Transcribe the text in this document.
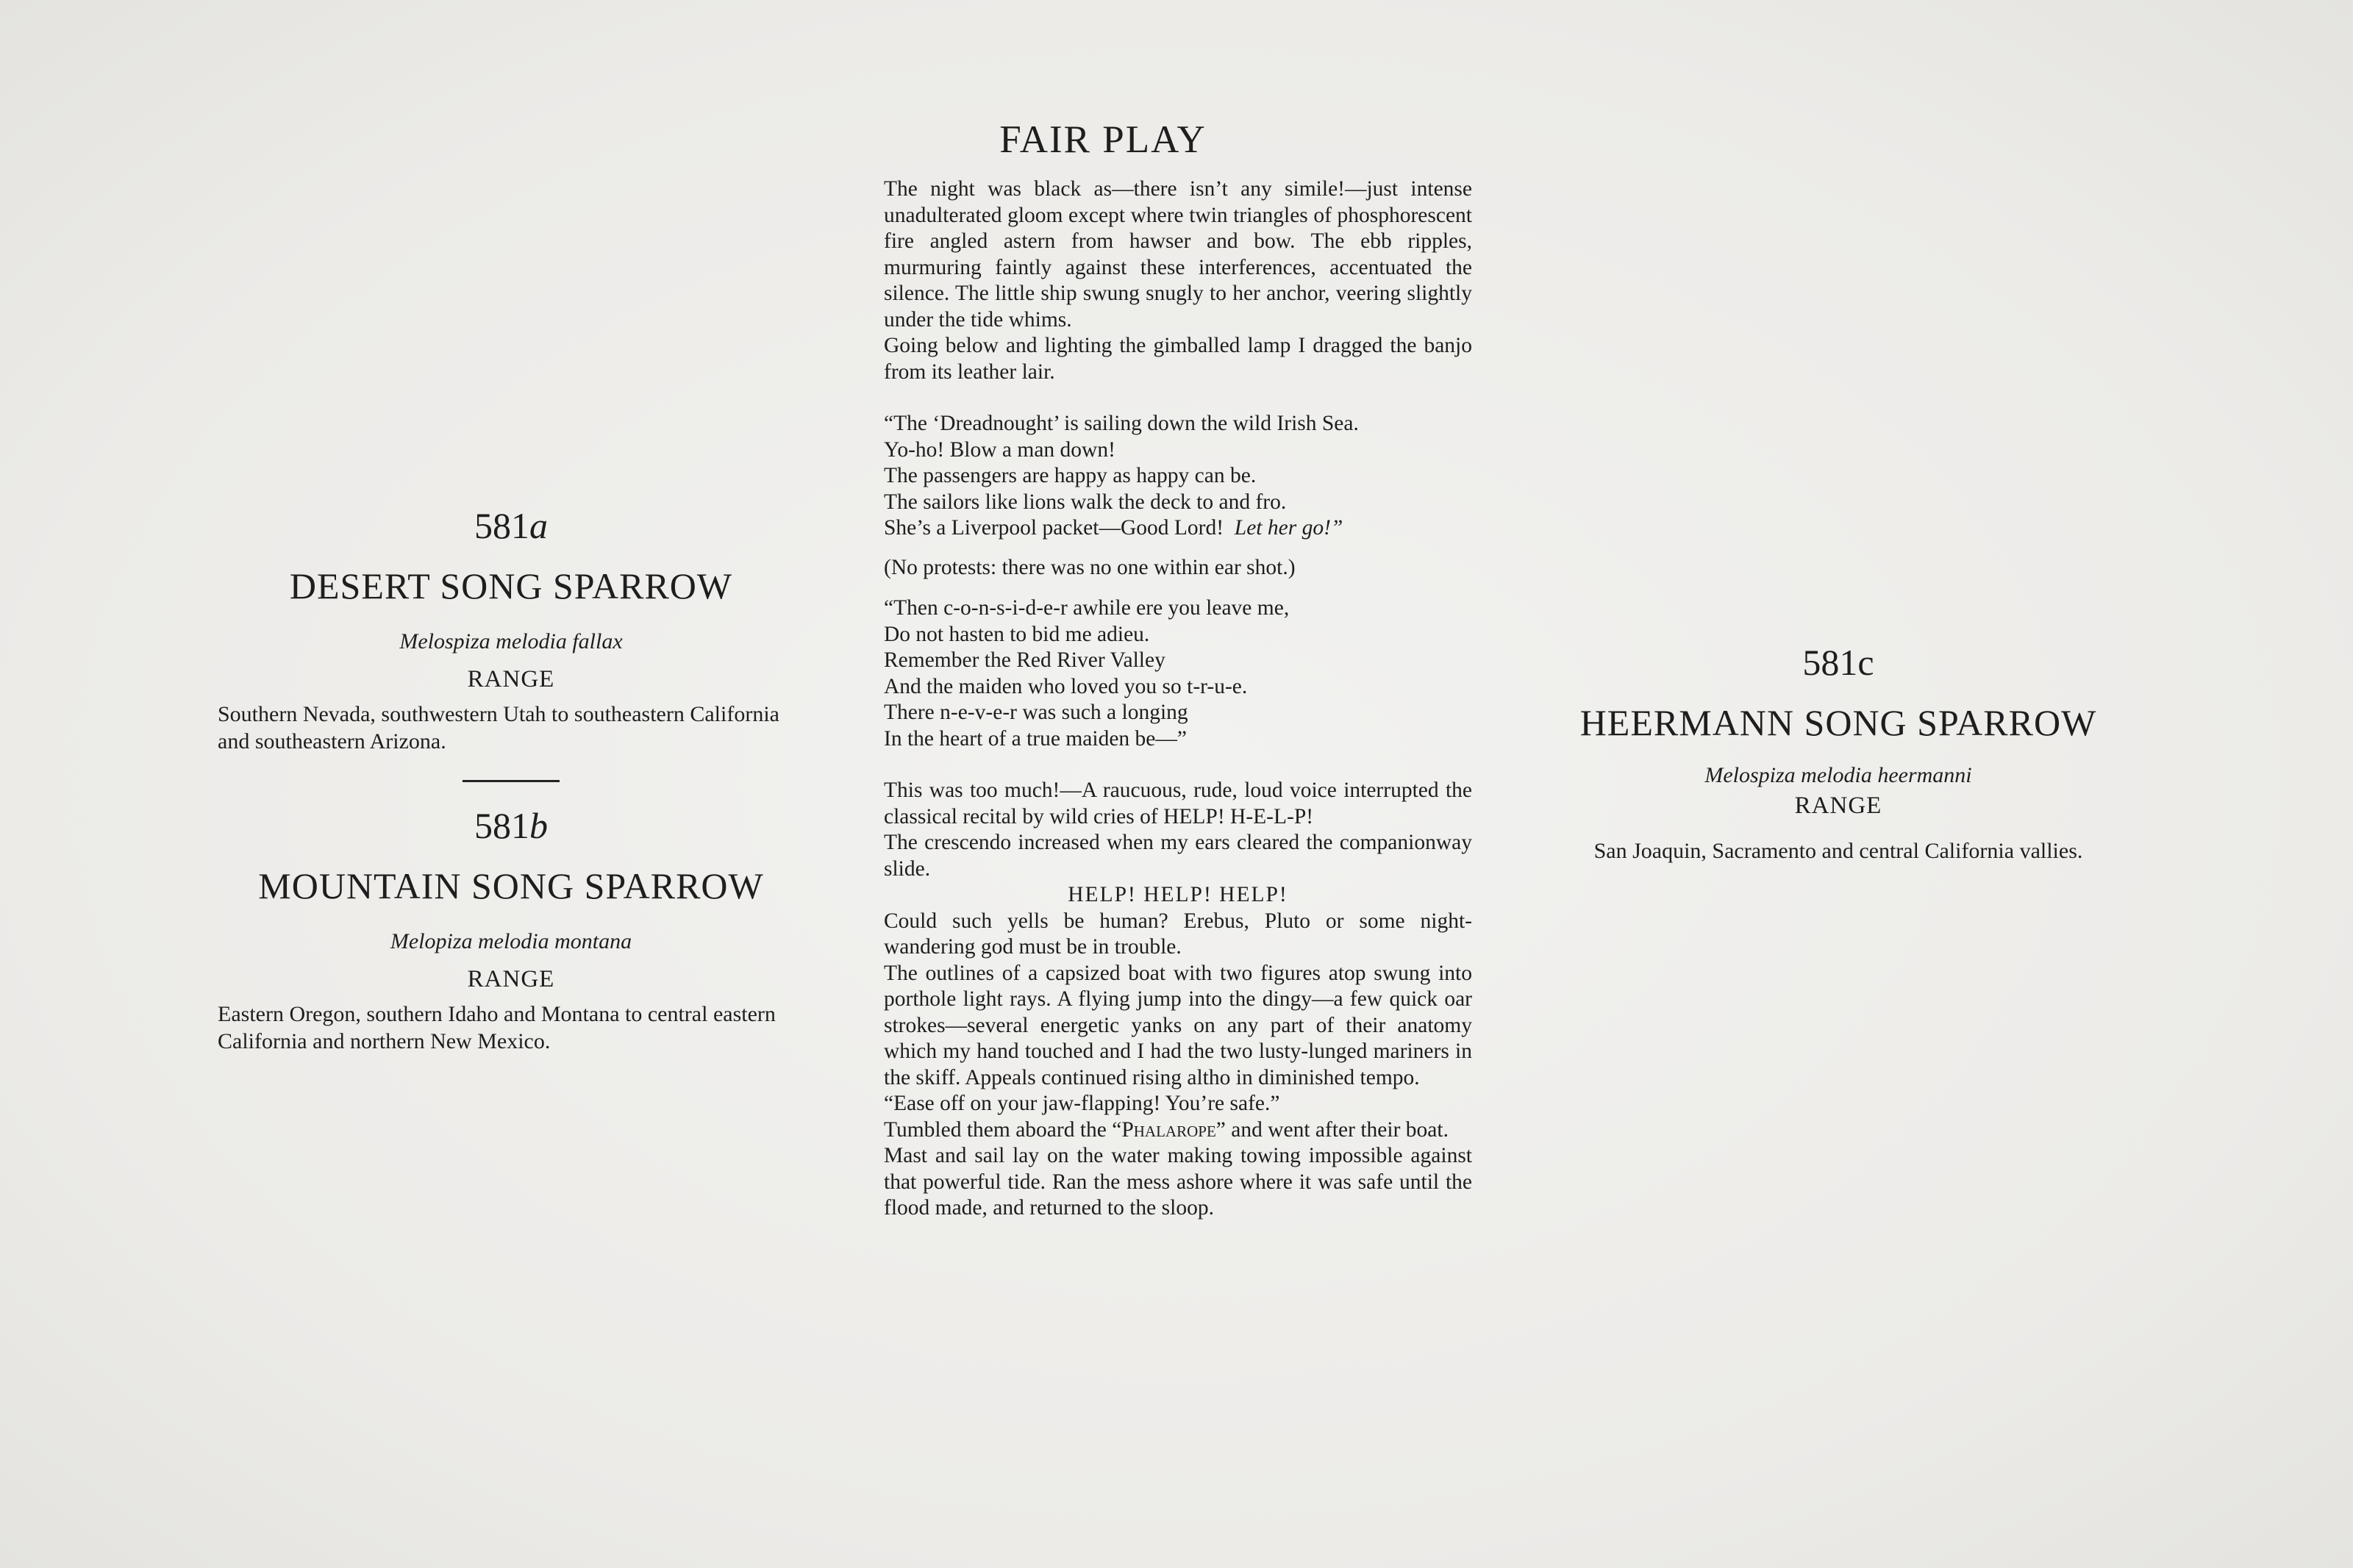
581a
DESERT SONG SPARROW
Melospiza melodia fallax
RANGE
Southern Nevada, southwestern Utah to southeastern California and southeastern Arizona.
581b
MOUNTAIN SONG SPARROW
Melopiza melodia montana
RANGE
Eastern Oregon, southern Idaho and Montana to central eastern California and northern New Mexico.
FAIR PLAY

The night was black as—there isn’t any simile!—just intense unadulterated gloom except where twin triangles of phosphorescent fire angled astern from hawser and bow. The ebb ripples, murmuring faintly against these interferences, accentuated the silence. The little ship swung snugly to her anchor, veering slightly under the tide whims.

Going below and lighting the gimballed lamp I dragged the banjo from its leather lair.

“The ‘Dreadnought’ is sailing down the wild Irish Sea.

Yo-ho! Blow a man down!

The passengers are happy as happy can be.

The sailors like lions walk the deck to and fro.

She’s a Liverpool packet—Good Lord! Let her go!”

(No protests: there was no one within ear shot.)

“Then c-o-n-s-i-d-e-r awhile ere you leave me,

Do not hasten to bid me adieu.

Remember the Red River Valley

And the maiden who loved you so t-r-u-e.

There n-e-v-e-r was such a longing

In the heart of a true maiden be—”

This was too much!—A raucuous, rude, loud voice interrupted the classical recital by wild cries of HELP! H-E-L-P!

The crescendo increased when my ears cleared the companionway slide.

HELP! HELP! HELP!

Could such yells be human? Erebus, Pluto or some night-wandering god must be in trouble.

The outlines of a capsized boat with two figures atop swung into porthole light rays. A flying jump into the dingy—a few quick oar strokes—several energetic yanks on any part of their anatomy which my hand touched and I had the two lusty-lunged mariners in the skiff. Appeals continued rising altho in diminished tempo.

“Ease off on your jaw-flapping! You’re safe.”

Tumbled them aboard the “Phalarope” and went after their boat.

Mast and sail lay on the water making towing impossible against that powerful tide. Ran the mess ashore where it was safe until the flood made, and returned to the sloop.

581c
HEERMANN SONG SPARROW
Melospiza melodia heermanni
RANGE
San Joaquin, Sacramento and central California vallies.
